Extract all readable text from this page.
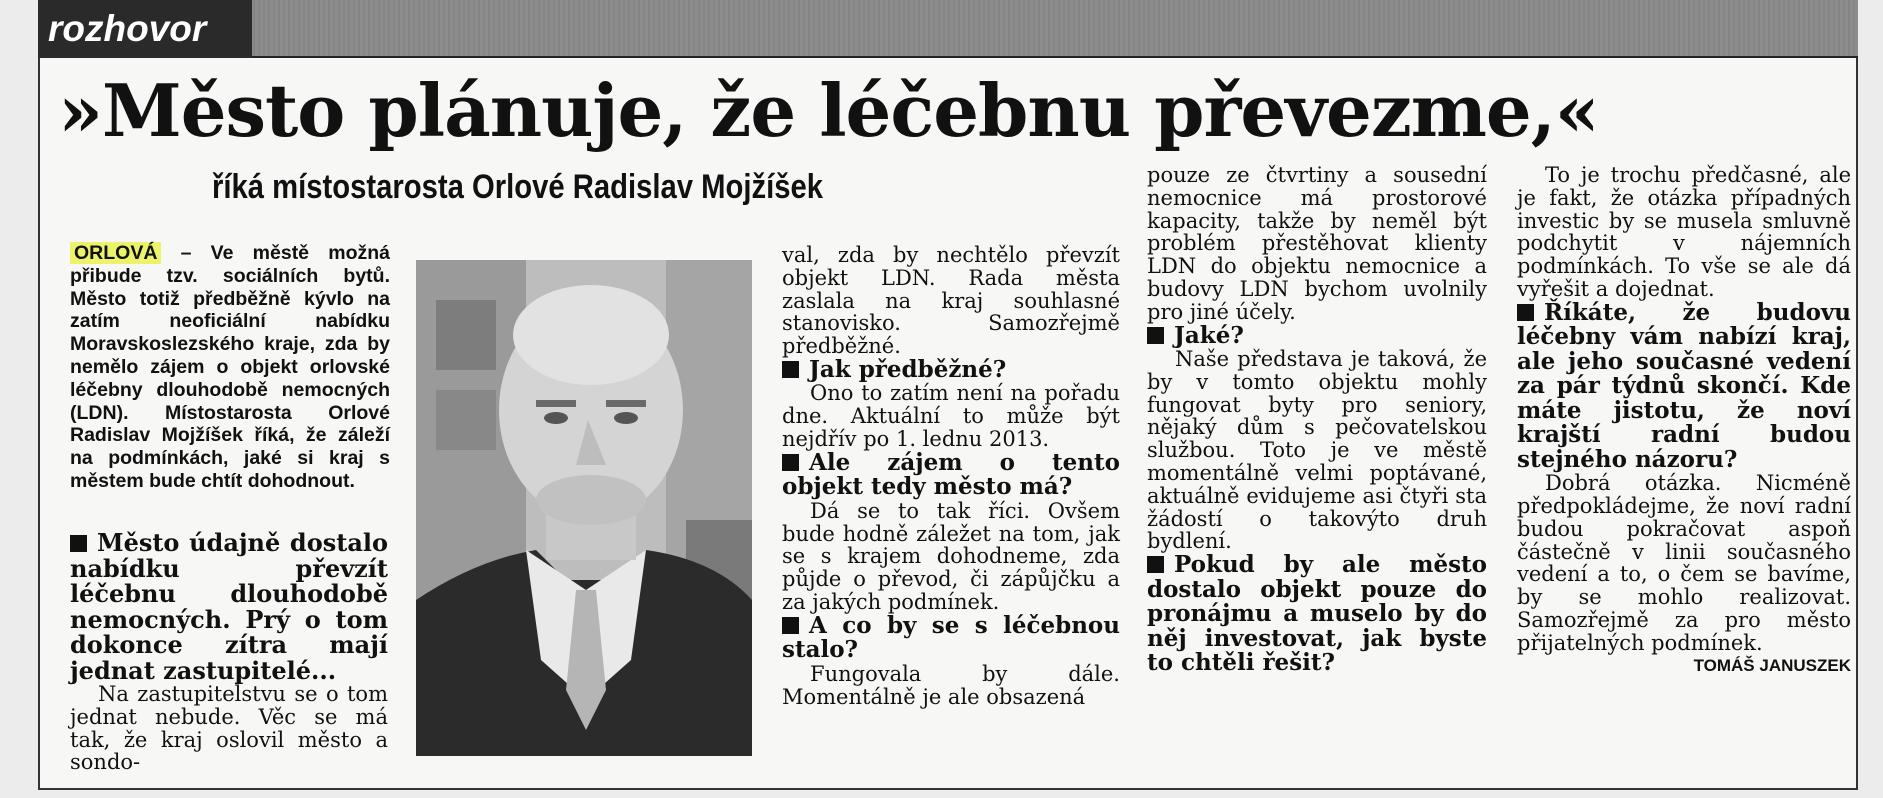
rozhovor
»Město plánuje, že léčebnu převezme,«
říká místostarosta Orlové Radislav Mojžíšek

ORLOVÁ – Ve městě možná přibude tzv. sociálních bytů. Město totiž předběžně kývlo na zatím neoficiální nabídku Moravskoslezského kraje, zda by nemělo zájem o objekt orlovské léčebny dlouhodobě nemocných (LDN). Místostarosta Orlové Radislav Mojžíšek říká, že záleží na podmínkách, jaké si kraj s městem bude chtít dohodnout.

Město údajně dostalo nabídku převzít léčebnu dlouhodobě nemocných. Prý o tom dokonce zítra mají jednat zastupitelé...

Na zastupitelstvu se o tom jednat nebude. Věc se má tak, že kraj oslovil město a sondo-

val, zda by nechtělo převzít objekt LDN. Rada města zaslala na kraj souhlasné stanovisko. Samozřejmě předběžné.

Jak předběžné?

Ono to zatím není na pořadu dne. Aktuální to může být nejdřív po 1. lednu 2013.

Ale zájem o tento objekt tedy město má?

Dá se to tak říci. Ovšem bude hodně záležet na tom, jak se s krajem dohodneme, zda půjde o převod, či zápůjčku a za jakých podmínek.

A co by se s léčebnou stalo?

Fungovala by dále. Momentálně je ale obsazená

pouze ze čtvrtiny a sousední nemocnice má prostorové kapacity, takže by neměl být problém přestěhovat klienty LDN do objektu nemocnice a budovy LDN bychom uvolnily pro jiné účely.

Jaké?

Naše představa je taková, že by v tomto objektu mohly fungovat byty pro seniory, nějaký dům s pečovatelskou službou. Toto je ve městě momentálně velmi poptávané, aktuálně evidujeme asi čtyři sta žádostí o takovýto druh bydlení.

Pokud by ale město dostalo objekt pouze do pronájmu a muselo by do něj investovat, jak byste to chtěli řešit?

To je trochu předčasné, ale je fakt, že otázka případných investic by se musela smluvně podchytit v nájemních podmínkách. To vše se ale dá vyřešit a dojednat.

Říkáte, že budovu léčebny vám nabízí kraj, ale jeho současné vedení za pár týdnů skončí. Kde máte jistotu, že noví krajští radní budou stejného názoru?

Dobrá otázka. Nicméně předpokládejme, že noví radní budou pokračovat aspoň částečně v linii současného vedení a to, o čem se bavíme, by se mohlo realizovat. Samozřejmě za pro město přijatelných podmínek.
TOMÁŠ JANUSZEK
